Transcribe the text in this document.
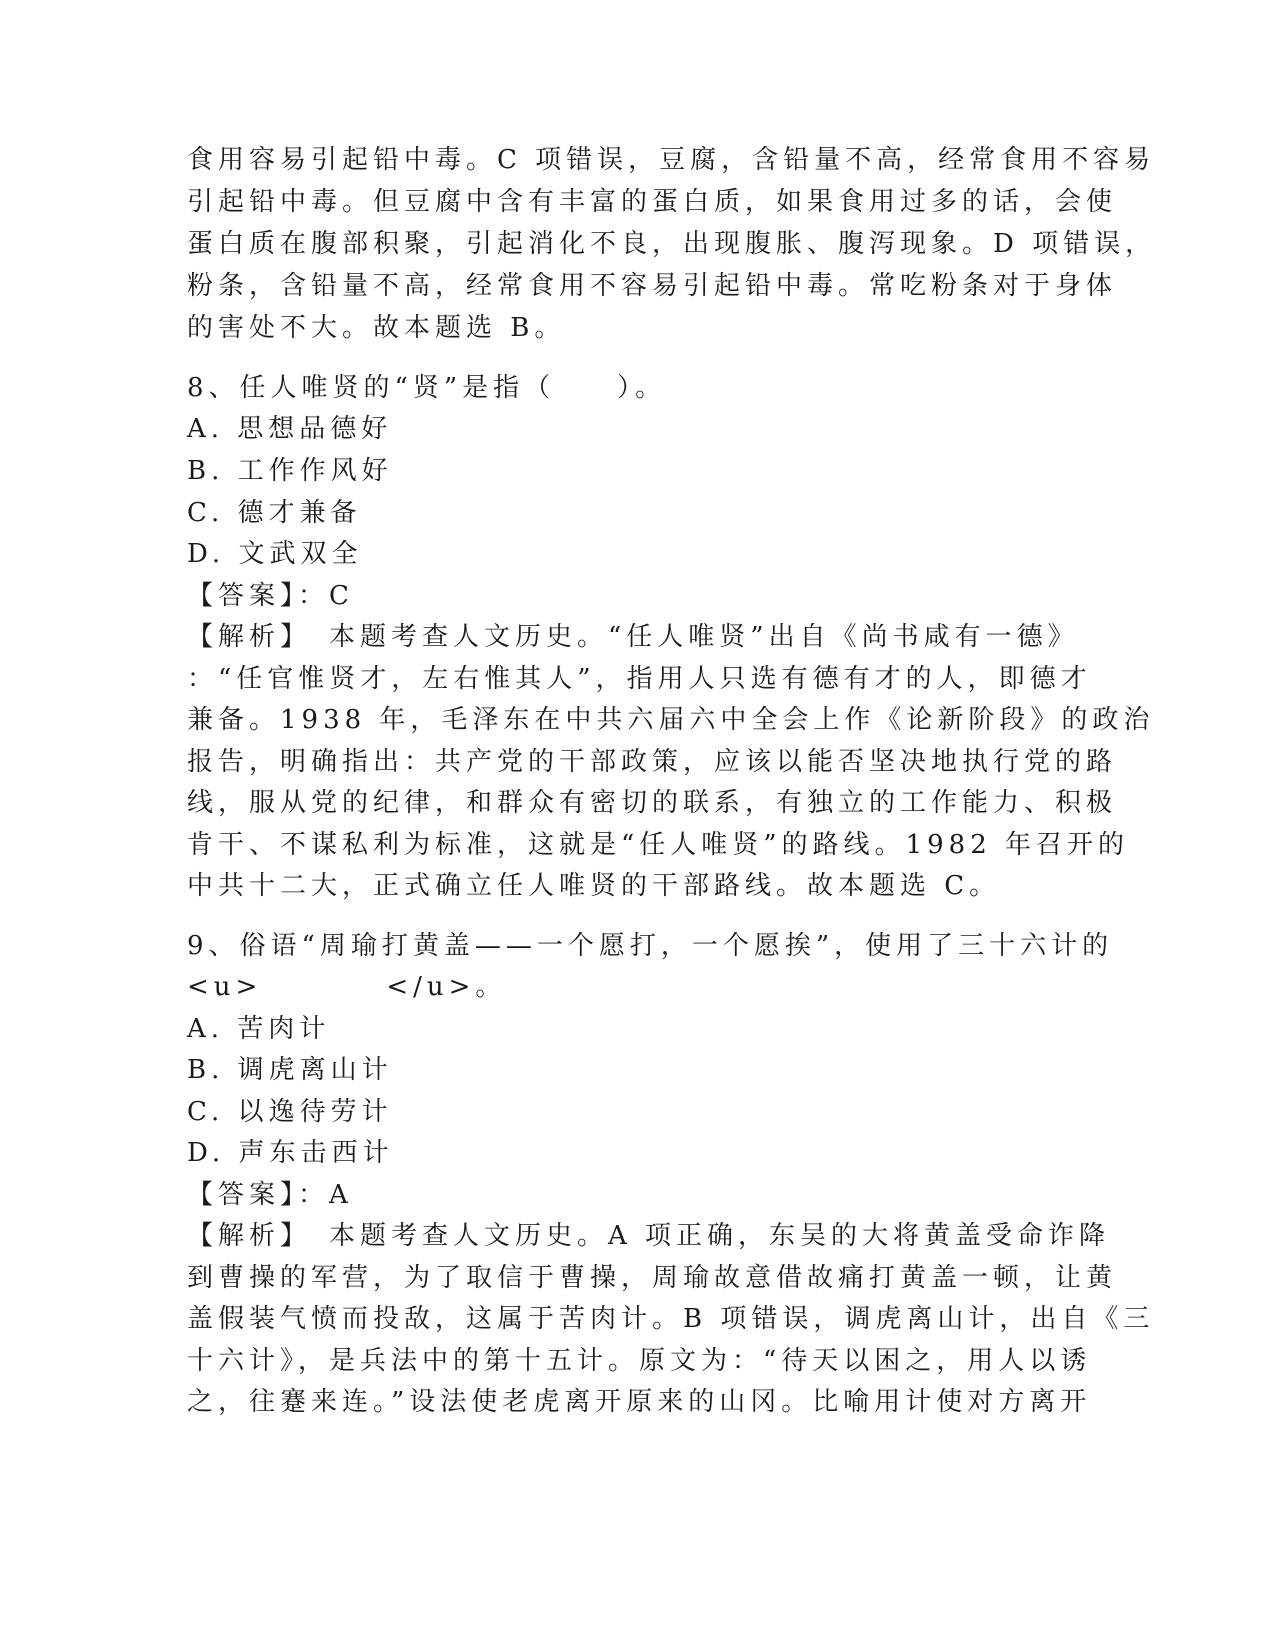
食用容易引起铅中毒。C 项错误，豆腐，含铅量不高，经常食用不容易
引起铅中毒。但豆腐中含有丰富的蛋白质，如果食用过多的话，会使
蛋白质在腹部积聚，引起消化不良，出现腹胀、腹泻现象。D 项错误，
粉条，含铅量不高，经常食用不容易引起铅中毒。常吃粉条对于身体
的害处不大。故本题选 B。
8、任人唯贤的“贤”是指（　　）。
A. 思想品德好
B. 工作作风好
C. 德才兼备
D. 文武双全
【答案】：C
【解析】　本题考查人文历史。“任人唯贤”出自《尚书咸有一德》
：“任官惟贤才，左右惟其人”，指用人只选有德有才的人，即德才
兼备。1938 年，毛泽东在中共六届六中全会上作《论新阶段》的政治
报告，明确指出：共产党的干部政策，应该以能否坚决地执行党的路
线，服从党的纪律，和群众有密切的联系，有独立的工作能力、积极
肯干、不谋私利为标准，这就是“任人唯贤”的路线。1982 年召开的
中共十二大，正式确立任人唯贤的干部路线。故本题选 C。
9、俗语“周瑜打黄盖——一个愿打，一个愿挨”，使用了三十六计的
<u>　　　　</u>。
A. 苦肉计
B. 调虎离山计
C. 以逸待劳计
D. 声东击西计
【答案】：A
【解析】　本题考查人文历史。A 项正确，东吴的大将黄盖受命诈降
到曹操的军营，为了取信于曹操，周瑜故意借故痛打黄盖一顿，让黄
盖假装气愤而投敌，这属于苦肉计。B 项错误，调虎离山计，出自《三
十六计》，是兵法中的第十五计。原文为：“待天以困之，用人以诱
之，往蹇来连。”设法使老虎离开原来的山冈。比喻用计使对方离开
